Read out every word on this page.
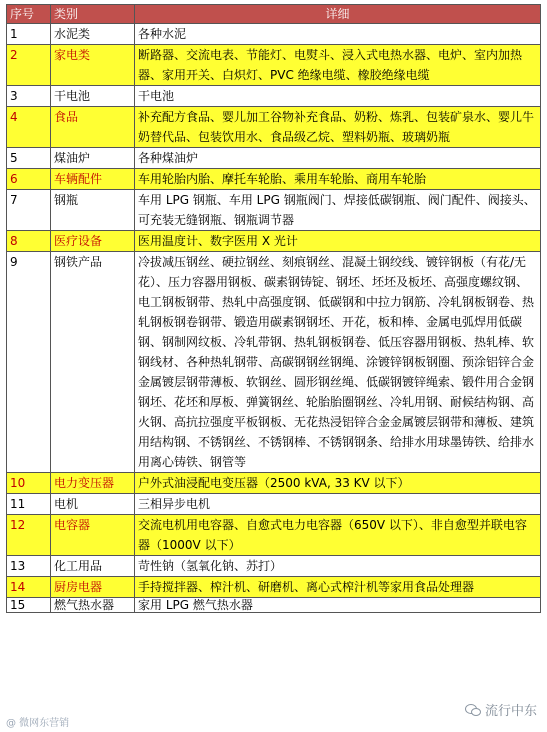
序号	类别	详细
1	水泥类	各种水泥
2	家电类	断路器、交流电表、节能灯、电熨斗、浸入式电热水器、电炉、室内加热器、家用开关、白炽灯、PVC 绝缘电缆、橡胶绝缘电缆
3	干电池	干电池
4	食品	补充配方食品、婴儿加工谷物补充食品、奶粉、炼乳、包装矿泉水、婴儿牛奶替代品、包装饮用水、食品级乙烷、塑料奶瓶、玻璃奶瓶
5	煤油炉	各种煤油炉
6	车辆配件	车用轮胎内胎、摩托车轮胎、乘用车轮胎、商用车轮胎
7	钢瓶	车用 LPG 钢瓶、车用 LPG 钢瓶阀门、焊接低碳钢瓶、阀门配件、阀接头、可充装无缝钢瓶、钢瓶调节器
8	医疗设备	医用温度计、数字医用 X 光计
9	钢铁产品	冷拔减压钢丝、硬拉钢丝、刻痕钢丝、混凝土钢绞线、镀锌钢板（有花/无花）、压力容器用钢板、碳素钢铸锭、钢坯、坯坯及板坯、高强度螺纹钢、电工钢板钢带、热轧中高强度钢、低碳钢和中拉力钢筋、冷轧钢板钢卷、热轧钢板钢卷钢带、锻造用碳素钢钢坯、开花，板和棒、金属电弧焊用低碳钢、钢制网纹板、冷轧带钢、热轧钢板钢卷、低压容器用钢板、热轧棒、软钢线材、各种热轧钢带、高碳钢钢丝钢绳、涂镀锌钢板钢圈、预涂铝锌合金金属镀层钢带薄板、软钢丝、圆形钢丝绳、低碳钢镀锌绳索、锻件用合金钢钢坯、花坯和厚板、弹簧钢丝、轮胎胎圈钢丝、冷轧用钢、耐候结构钢、高火钢、高抗拉强度平板钢板、无花热浸铝锌合金金属镀层钢带和薄板、建筑用结构钢、不锈钢丝、不锈钢棒、不锈钢钢条、给排水用球墨铸铁、给排水用离心铸铁、钢管等
10	电力变压器	户外式油浸配电变压器（2500 kVA, 33 KV 以下）
11	电机	三相异步电机
12	电容器	交流电机用电容器、自愈式电力电容器（650V 以下）、非自愈型并联电容器（1000V 以下）
13	化工用品	苛性钠（氢氧化钠、苏打）
14	厨房电器	手持搅拌器、榨汁机、研磨机、离心式榨汁机等家用食品处理器
15	燃气热水器	家用 LPG 燃气热水器
@ 微网东营销
流行中东
